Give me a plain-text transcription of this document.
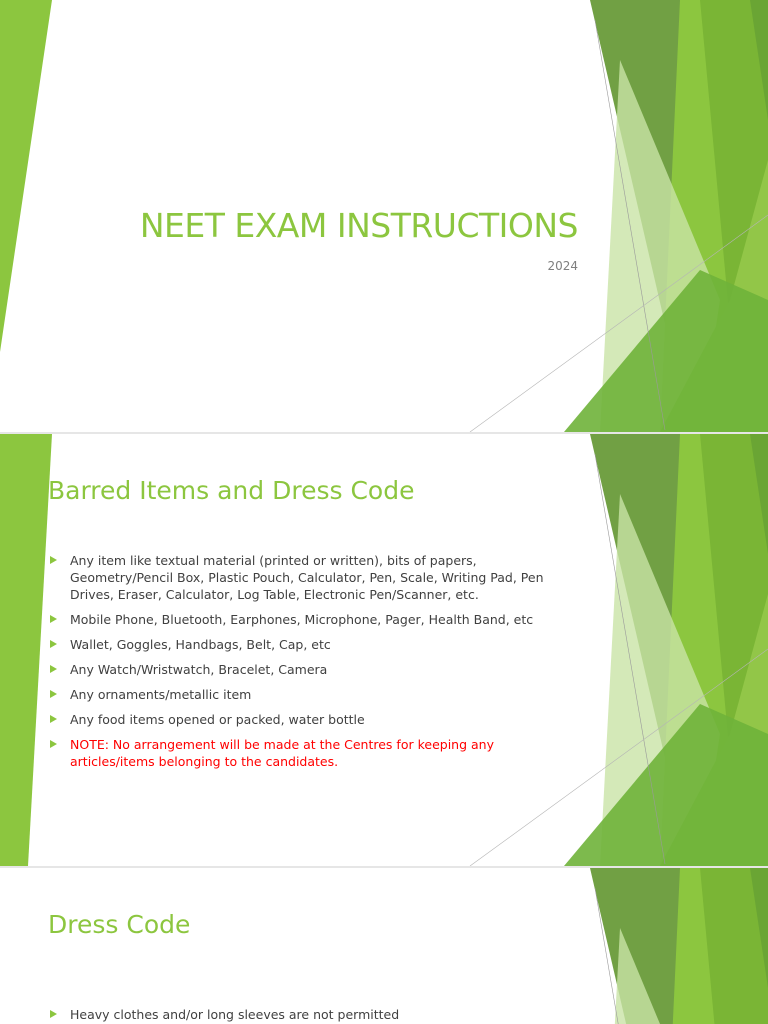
NEET EXAM INSTRUCTIONS

2024

Barred Items and Dress Code
Any item like textual material (printed or written), bits of papers, Geometry/Pencil Box, Plastic Pouch, Calculator, Pen, Scale, Writing Pad, Pen Drives, Eraser, Calculator, Log Table, Electronic Pen/Scanner, etc.
Mobile Phone, Bluetooth, Earphones, Microphone, Pager, Health Band, etc
Wallet, Goggles, Handbags, Belt, Cap, etc
Any Watch/Wristwatch, Bracelet, Camera
Any ornaments/metallic item
Any food items opened or packed, water bottle
NOTE: No arrangement will be made at the Centres for keeping any articles/items belonging to the candidates.
Dress Code
Heavy clothes and/or long sleeves are not permitted
